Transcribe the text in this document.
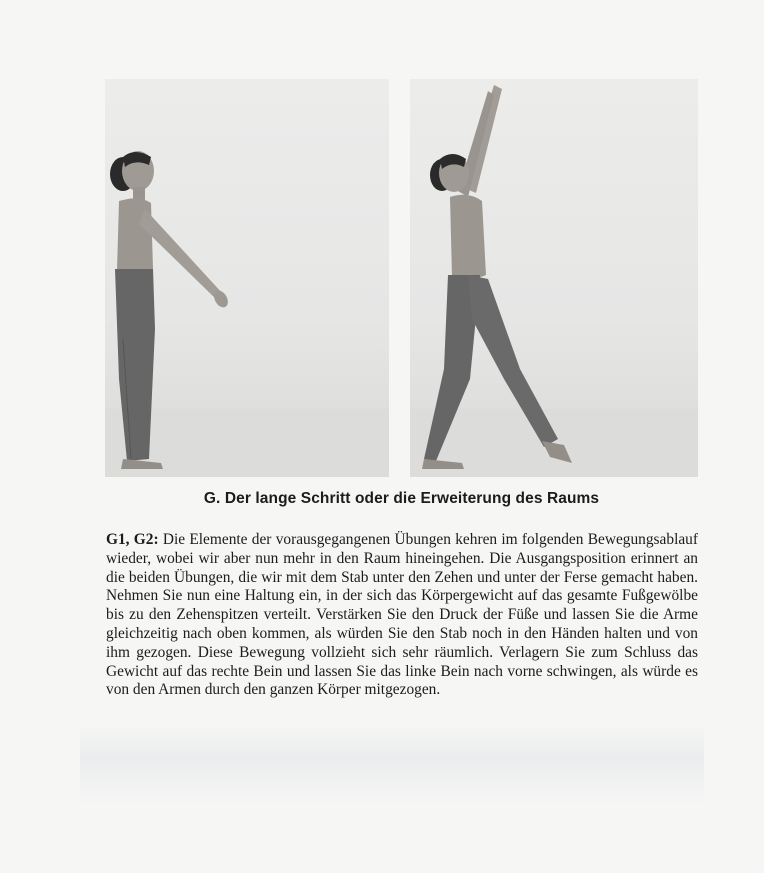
G. Der lange Schritt oder die Erweiterung des Raums

G1, G2: Die Elemente der vorausgegangenen Übungen kehren im folgenden Bewegungsablauf wieder, wobei wir aber nun mehr in den Raum hineingehen. Die Ausgangsposition erinnert an die beiden Übungen, die wir mit dem Stab unter den Zehen und unter der Ferse gemacht haben. Nehmen Sie nun eine Haltung ein, in der sich das Körpergewicht auf das gesamte Fußgewölbe bis zu den Zehenspitzen verteilt. Verstärken Sie den Druck der Füße und lassen Sie die Arme gleichzeitig nach oben kommen, als würden Sie den Stab noch in den Händen halten und von ihm gezogen. Diese Bewegung vollzieht sich sehr räumlich. Verlagern Sie zum Schluss das Gewicht auf das rechte Bein und lassen Sie das linke Bein nach vorne schwingen, als würde es von den Armen durch den ganzen Körper mitgezogen.
